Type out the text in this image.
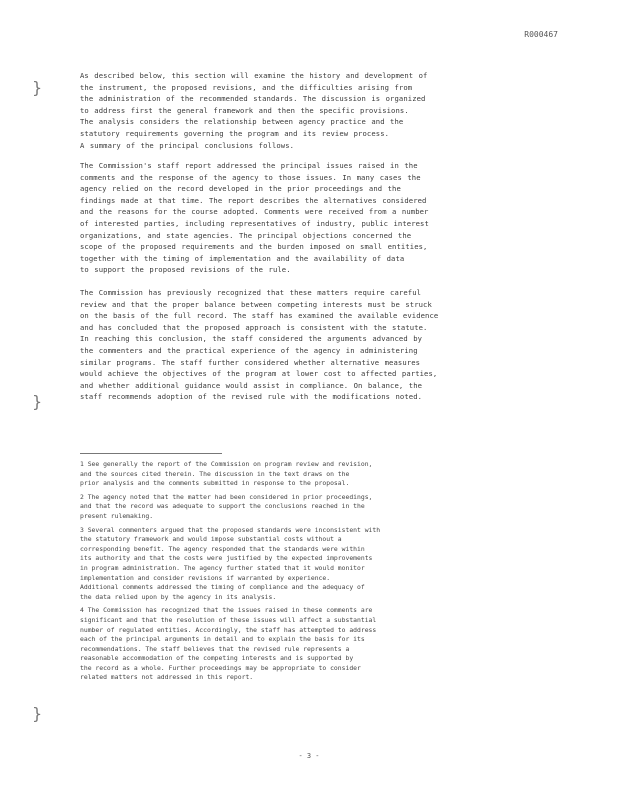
R000467
}
}
}
As described below, this section will examine the history and development of
the instrument, the proposed revisions, and the difficulties arising from
the administration of the recommended standards. The discussion is organized
to address first the general framework and then the specific provisions.
The analysis considers the relationship between agency practice and the
statutory requirements governing the program and its review process.
A summary of the principal conclusions follows.
The Commission's staff report addressed the principal issues raised in the
comments and the response of the agency to those issues. In many cases the
agency relied on the record developed in the prior proceedings and the
findings made at that time. The report describes the alternatives considered
and the reasons for the course adopted. Comments were received from a number
of interested parties, including representatives of industry, public interest
organizations, and state agencies. The principal objections concerned the
scope of the proposed requirements and the burden imposed on small entities,
together with the timing of implementation and the availability of data
to support the proposed revisions of the rule.
The Commission has previously recognized that these matters require careful
review and that the proper balance between competing interests must be struck
on the basis of the full record. The staff has examined the available evidence
and has concluded that the proposed approach is consistent with the statute.
In reaching this conclusion, the staff considered the arguments advanced by
the commenters and the practical experience of the agency in administering
similar programs. The staff further considered whether alternative measures
would achieve the objectives of the program at lower cost to affected parties,
and whether additional guidance would assist in compliance. On balance, the
staff recommends adoption of the revised rule with the modifications noted.
1 See generally the report of the Commission on program review and revision,
and the sources cited therein. The discussion in the text draws on the
prior analysis and the comments submitted in response to the proposal.
2 The agency noted that the matter had been considered in prior proceedings,
and that the record was adequate to support the conclusions reached in the
present rulemaking.
3 Several commenters argued that the proposed standards were inconsistent with
the statutory framework and would impose substantial costs without a
corresponding benefit. The agency responded that the standards were within
its authority and that the costs were justified by the expected improvements
in program administration. The agency further stated that it would monitor
implementation and consider revisions if warranted by experience.
Additional comments addressed the timing of compliance and the adequacy of
the data relied upon by the agency in its analysis.
4 The Commission has recognized that the issues raised in these comments are
significant and that the resolution of these issues will affect a substantial
number of regulated entities. Accordingly, the staff has attempted to address
each of the principal arguments in detail and to explain the basis for its
recommendations. The staff believes that the revised rule represents a
reasonable accommodation of the competing interests and is supported by
the record as a whole. Further proceedings may be appropriate to consider
related matters not addressed in this report.
- 3 -
